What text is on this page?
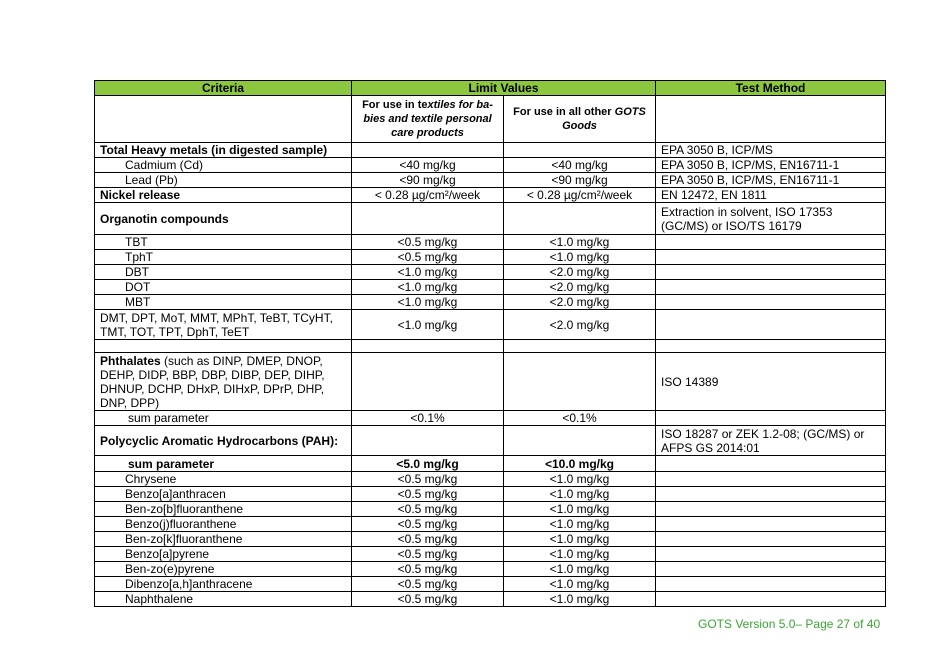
Criteria	Limit Values		Test Method
	For use in textiles for babies and textile personal care products	For use in all other GOTS Goods	
Total Heavy metals (in digested sample)			EPA 3050 B, ICP/MS
Cadmium (Cd)	<40 mg/kg	<40 mg/kg	EPA 3050 B, ICP/MS, EN16711-1
Lead (Pb)	<90 mg/kg	<90 mg/kg	EPA 3050 B, ICP/MS, EN16711-1
Nickel release	< 0.28 µg/cm²/week	< 0.28 µg/cm²/week	EN 12472, EN 1811
Organotin compounds			Extraction in solvent, ISO 17353 (GC/MS) or ISO/TS 16179
TBT	<0.5 mg/kg	<1.0 mg/kg	
TphT	<0.5 mg/kg	<1.0 mg/kg	
DBT	<1.0 mg/kg	<2.0 mg/kg	
DOT	<1.0 mg/kg	<2.0 mg/kg	
MBT	<1.0 mg/kg	<2.0 mg/kg	
DMT, DPT, MoT, MMT, MPhT, TeBT, TCyHT, TMT, TOT, TPT, DphT, TeET	<1.0 mg/kg	<2.0 mg/kg	

Phthalates (such as DINP, DMEP, DNOP, DEHP, DIDP, BBP, DBP, DIBP, DEP, DIHP, DHNUP, DCHP, DHxP, DIHxP, DPrP, DHP, DNP, DPP)			ISO 14389
sum parameter	<0.1%	<0.1%	
Polycyclic Aromatic Hydrocarbons (PAH):			ISO 18287 or ZEK 1.2-08; (GC/MS) or AFPS GS 2014:01
sum parameter	<5.0 mg/kg	<10.0 mg/kg	
Chrysene	<0.5 mg/kg	<1.0 mg/kg	
Benzo[a]anthracen	<0.5 mg/kg	<1.0 mg/kg	
Ben-zo[b]fluoranthene	<0.5 mg/kg	<1.0 mg/kg	
Benzo(j)fluoranthene	<0.5 mg/kg	<1.0 mg/kg	
Ben-zo[k]fluoranthene	<0.5 mg/kg	<1.0 mg/kg	
Benzo[a]pyrene	<0.5 mg/kg	<1.0 mg/kg	
Ben-zo(e)pyrene	<0.5 mg/kg	<1.0 mg/kg	
Dibenzo[a,h]anthracene	<0.5 mg/kg	<1.0 mg/kg	
Naphthalene	<0.5 mg/kg	<1.0 mg/kg	
GOTS Version 5.0– Page 27 of 40
